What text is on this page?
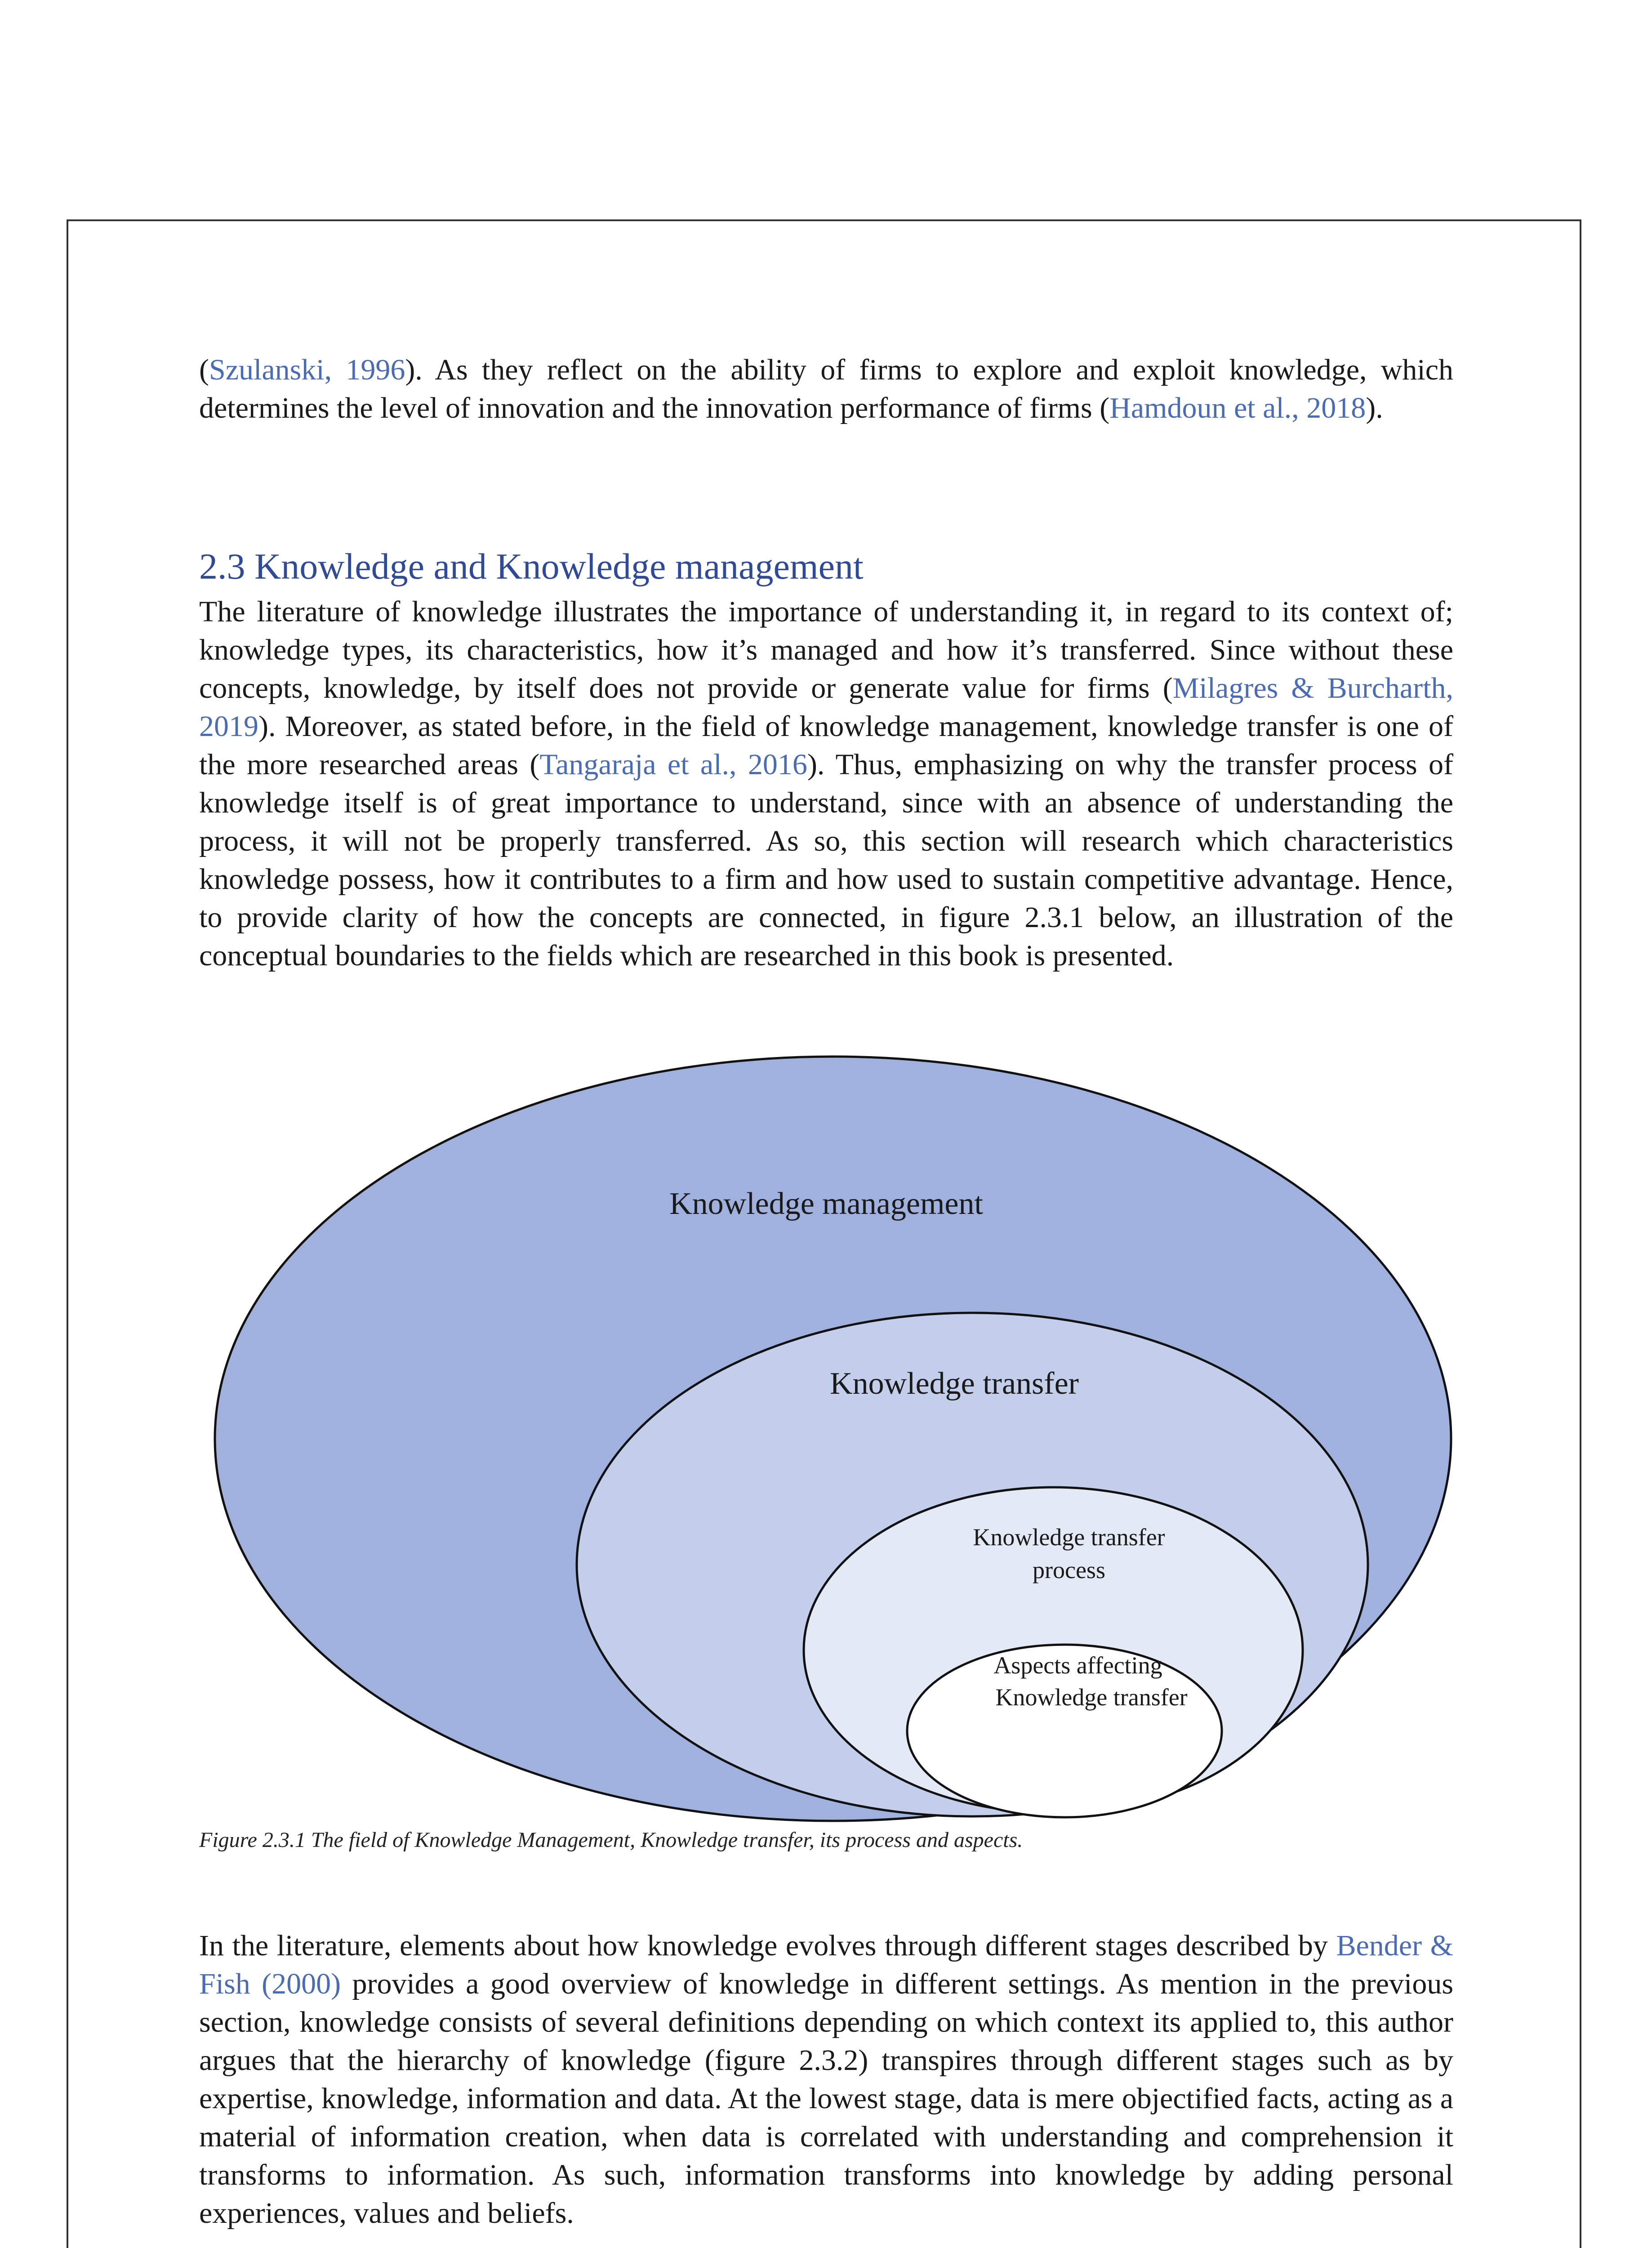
(Szulanski, 1996). As they reflect on the ability of firms to explore and exploit knowledge, which determines the level of innovation and the innovation performance of firms (Hamdoun et al., 2018).
2.3 Knowledge and Knowledge management
The literature of knowledge illustrates the importance of understanding it, in regard to its context of; knowledge types, its characteristics, how it’s managed and how it’s transferred. Since without these concepts, knowledge, by itself does not provide or generate value for firms (Milagres & Burcharth, 2019). Moreover, as stated before, in the field of knowledge management, knowledge transfer is one of the more researched areas (Tangaraja et al., 2016). Thus, emphasizing on why the transfer process of knowledge itself is of great importance to understand, since with an absence of understanding the process, it will not be properly transferred. As so, this section will research which characteristics knowledge possess, how it contributes to a firm and how used to sustain competitive advantage. Hence, to provide clarity of how the concepts are connected, in figure 2.3.1 below, an illustration of the conceptual boundaries to the fields which are researched in this book is presented.
Knowledge management
Knowledge transfer
Knowledge transfer
process
Aspects affecting
Knowledge transfer
Figure 2.3.1 The field of Knowledge Management, Knowledge transfer, its process and aspects.
In the literature, elements about how knowledge evolves through different stages described by Bender & Fish (2000) provides a good overview of knowledge in different settings. As mention in the previous section, knowledge consists of several definitions depending on which context its applied to, this author argues that the hierarchy of knowledge (figure 2.3.2) transpires through different stages such as by expertise, knowledge, information and data. At the lowest stage, data is mere objectified facts, acting as a material of information creation, when data is correlated with understanding and comprehension it transforms to information. As such, information transforms into knowledge by adding personal experiences, values and beliefs.
